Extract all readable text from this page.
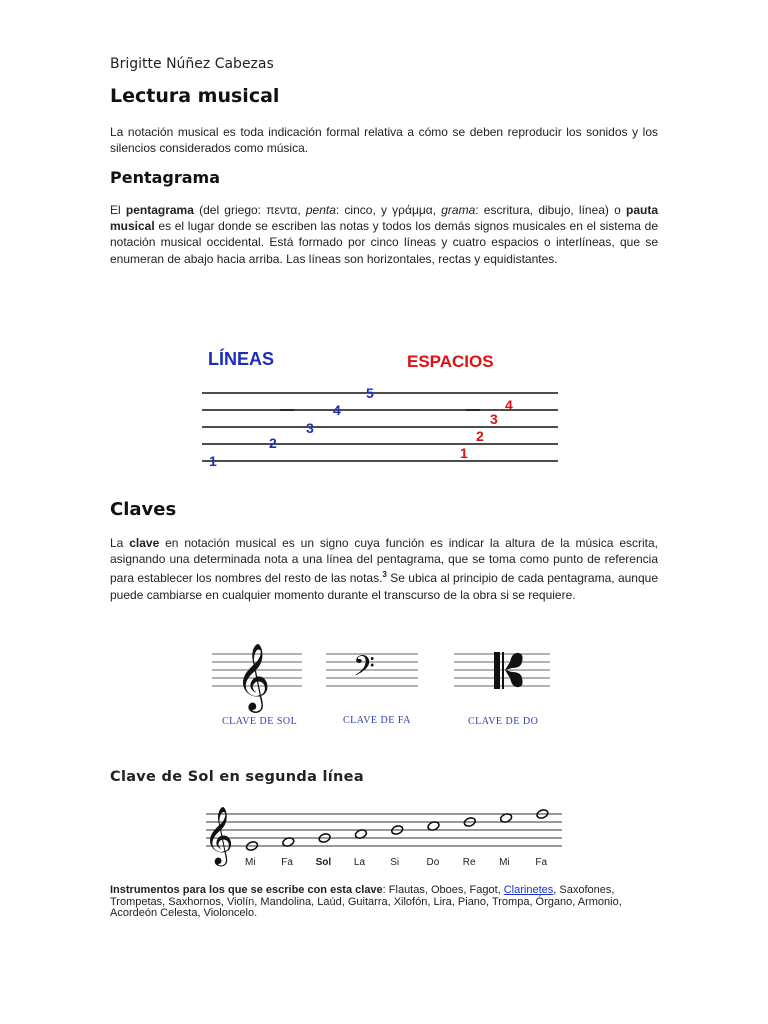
Brigitte Núñez Cabezas
Lectura musical
La notación musical es toda indicación formal relativa a cómo se deben reproducir los sonidos y los silencios considerados como música.
Pentagrama
El pentagrama (del griego: πεντα, penta: cinco, y γράμμα, grama: escritura, dibujo, línea) o pauta musical es el lugar donde se escriben las notas y todos los demás signos musicales en el sistema de notación musical occidental. Está formado por cinco líneas y cuatro espacios o interlíneas, que se enumeran de abajo hacia arriba. Las líneas son horizontales, rectas y equidistantes.
LÍNEAS	ESPACIOS
1
2
3
4
5
1
2
3
4
Claves
La clave en notación musical es un signo cuya función es indicar la altura de la música escrita, asignando una determinada nota a una línea del pentagrama, que se toma como punto de referencia para establecer los nombres del resto de las notas.$^3$ Se ubica al principio de cada pentagrama, aunque puede cambiarse en cualquier momento durante el transcurso de la obra si se requiere.
𝄞 𝄢
CLAVE DE SOL	CLAVE DE FA	CLAVE DE DO
Clave de Sol en segunda línea
𝄞 Mi	Fa Sol La	Si	Do Re Mi	Fa
Instrumentos para los que se escribe con esta clave: Flautas, Oboes, Fagot, Clarinetes, Saxofones, Trompetas, Saxhornos, Violín, Mandolina, Laúd, Guitarra, Xilofón, Lira, Piano, Trompa, Órgano, Armonio, Acordeón Celesta, Violoncelo.
